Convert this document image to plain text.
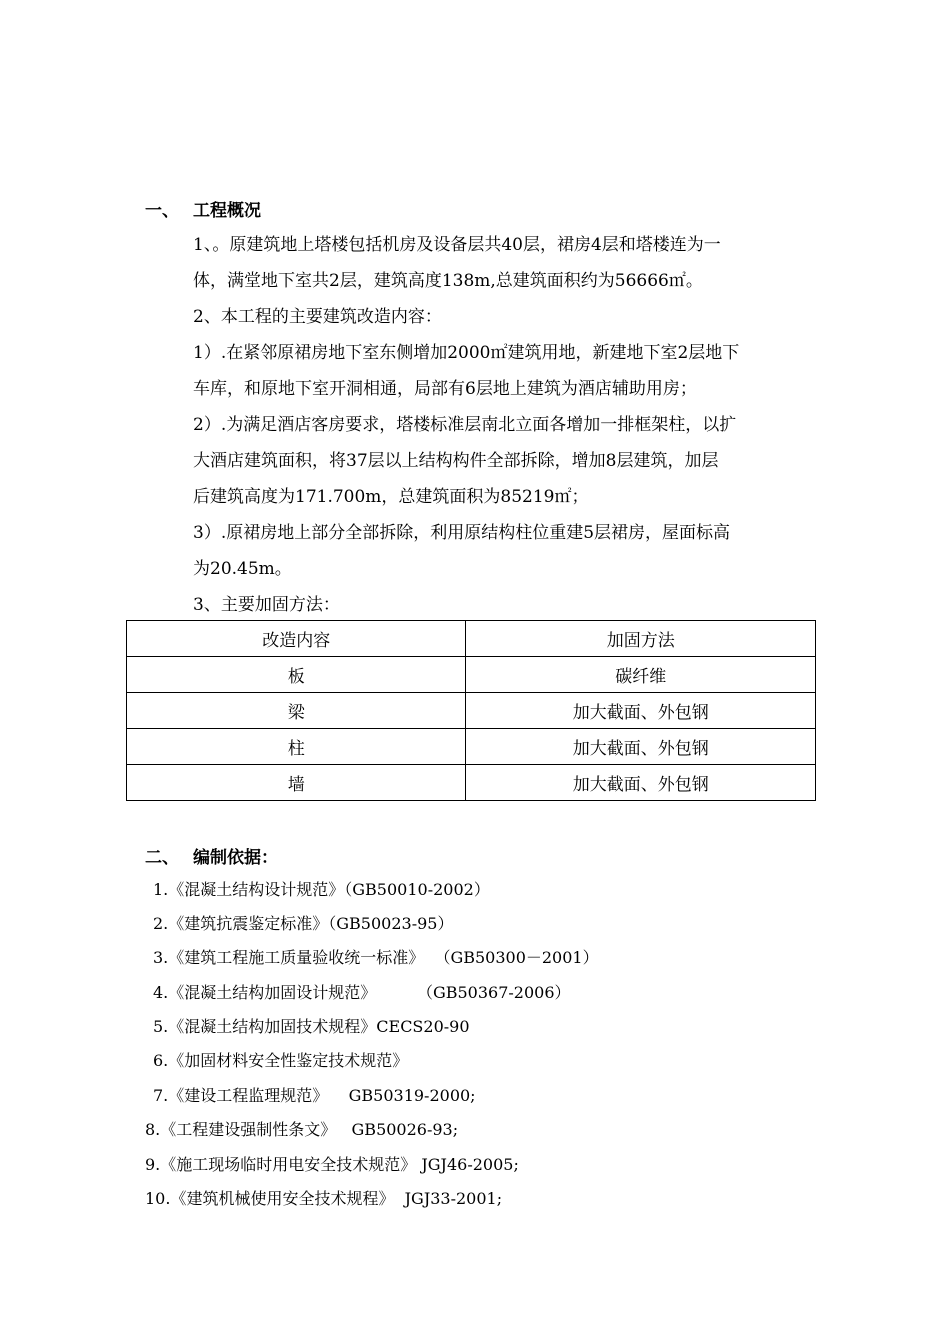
一、 工程概况
1、。原建筑地上塔楼包括机房及设备层共40层，裙房4层和塔楼连为一
体，满堂地下室共2层，建筑高度138m,总建筑面积约为56666㎡。
2、本工程的主要建筑改造内容：
1）.在紧邻原裙房地下室东侧增加2000㎡建筑用地，新建地下室2层地下
车库，和原地下室开洞相通，局部有6层地上建筑为酒店辅助用房；
2）.为满足酒店客房要求，塔楼标准层南北立面各增加一排框架柱，以扩
大酒店建筑面积，将37层以上结构构件全部拆除，增加8层建筑，加层
后建筑高度为171.700m，总建筑面积为85219㎡；
3）.原裙房地上部分全部拆除，利用原结构柱位重建5层裙房，屋面标高
为20.45m。
3、主要加固方法：
改造内容	加固方法
板	碳纤维
梁	加大截面、外包钢
柱	加大截面、外包钢
墙	加大截面、外包钢
二、 编制依据：
1.《混凝土结构设计规范》（GB50010-2002）
2.《建筑抗震鉴定标准》（GB50023-95）
3.《建筑工程施工质量验收统一标准》  （GB50300－2001）
4.《混凝土结构加固设计规范》        （GB50367-2006）
5.《混凝土结构加固技术规程》CECS20-90
6.《加固材料安全性鉴定技术规范》
7.《建设工程监理规范》    GB50319-2000;
8.《工程建设强制性条文》   GB50026-93;
9.《施工现场临时用电安全技术规范》 JGJ46-2005;
10.《建筑机械使用安全技术规程》  JGJ33-2001;
